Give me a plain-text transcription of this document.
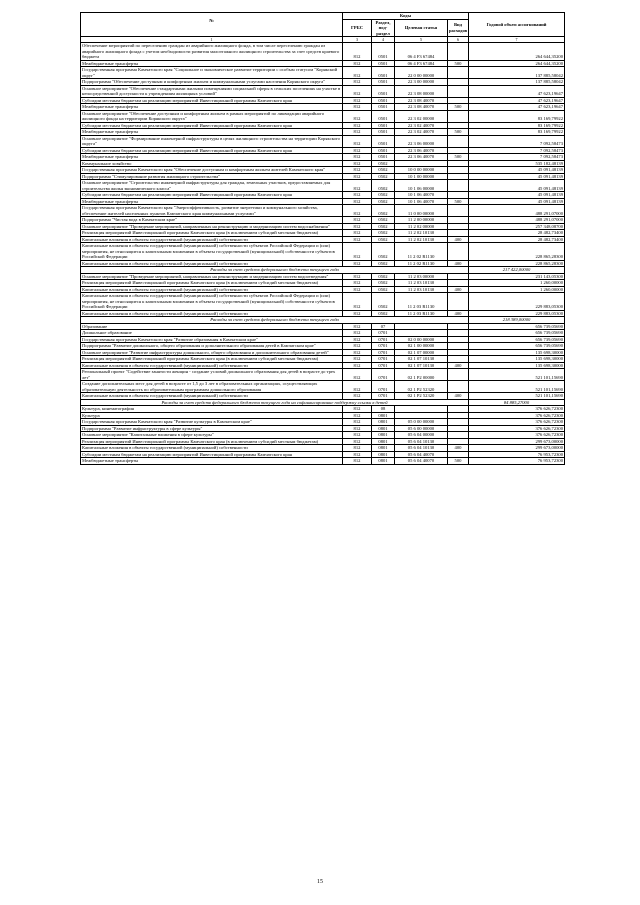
№	Коды				Годовой объем ассигнований
	ГРБС	Раздел, под- раздел	Целевая статья	Вид расходов	
1	3	4	5	6	7
Обеспечение мероприятий по переселению граждан из аварийного жилищного фонда, в том числе переселению граждан из аварийного жилищного фонда с учетом необходимости развития малоэтажного жилищного строительства за счет средств краевого бюджета	812	0501	06 4 F3 67484		264 644,35200
Межбюджетные трансферты	812	0501	06 4 F3 67484	500	264 644,35200
Государственная программа Камчатского края "Социальное и экономическое развитие территории с особым статусом "Корякский округ"	812	0501	22 0 00 00000		137 885,58042
Подпрограмма "Обеспечение доступным и комфортным жильем и коммунальными услугами населения Корякского округа"	812	0501	22 3 00 00000		137 885,58042
Основное мероприятие "Обеспечение стандартными жилыми помещениями социальной сферы в сельских поселениях на участке в непосредственной доступности к учреждениям жилищных условий"	812	0501	22 3 08 00000		47 623,19647
Субсидии местным бюджетам на реализацию мероприятий Инвестиционной программы Камчатского края	812	0501	22 3 08 40070		47 623,19647
Межбюджетные трансферты	812	0501	22 3 08 40070	500	47 623,19647
Основное мероприятие "Обеспечение доступным и комфортным жильем в рамках мероприятий по ликвидации аварийного жилищного фонда на территории Корякского округа"	812	0501	22 3 02 00000		83 169,79922
Субсидии местным бюджетам на реализацию мероприятий Инвестиционной программы Камчатского края	812	0501	22 3 02 40070		83 169,79922
Межбюджетные трансферты	812	0501	22 3 02 40070	500	83 169,79922
Основное мероприятие "Формирование инженерной инфраструктуры в целях жилищного строительства на территории Корякского округа"	812	0501	22 3 06 00000		7 092,58473
Субсидии местным бюджетам на реализацию мероприятий Инвестиционной программы Камчатского края	812	0501	22 3 06 40070		7 092,58473
Межбюджетные трансферты	812	0501	22 3 06 40070	500	7 092,58473
Коммунальное хозяйство	812	0502			535 182,48139
Государственная программа Камчатского края "Обеспечение доступным и комфортным жильем жителей Камчатского края"	812	0502	10 0 00 00000		45 091,48139
Подпрограмма "Стимулирование развития жилищного строительства"	812	0502	10 1 00 00000		45 091,48139
Основное мероприятие "Строительство инженерной инфраструктуры для граждан, земельных участков, предоставляемых для строительства жилья экономического класса"	812	0502	10 1 06 00000		45 091,48139
Субсидии местным бюджетам на реализацию мероприятий Инвестиционной программы Камчатского края	812	0502	10 1 06 40070		45 091,48139
Межбюджетные трансферты	812	0502	10 1 06 40070	500	45 091,48139
Государственная программа Камчатского края "Энергоэффективность, развитие энергетики и коммунального хозяйства, обеспечение жителей населенных пунктов Камчатского края коммунальными услугами"	812	0502	11 0 00 00000		488 291,07000
Подпрограмма "Чистая вода в Камчатском крае"	812	0502	11 2 00 00000		488 291,07000
Основное мероприятие "Проведение мероприятий, направленных на реконструкцию и модернизацию систем водоснабжения"	812	0502	11 2 02 00000		257 348,08700
Реализация мероприятий Инвестиционной программы Камчатского края (в исключением субсидий местным бюджетам)	812	0502	11 2 02 10130		28 482,73400
Капитальные вложения в объекты государственной (муниципальной) собственности	812	0502	11 2 02 10130	400	28 482,73400
Капитальные вложения в объекты государственной (муниципальной) собственности субъектов Российской Федерации и (или) мероприятия, не относящиеся к капитальным вложениям в объекты государственной (муниципальной) собственности субъектов Российской Федерации	812	0502	11 2 02 R1130		228 865,28300
Капитальные вложения в объекты государственной (муниципальной) собственности	812	0502	11 2 02 R1130	400	228 865,28300
Расходы за счет средств федерального бюджета текущего года					217 422,00000
Основное мероприятие "Проведение мероприятий, направленных на реконструкцию и модернизацию систем водоотведения"	812	0502	11 2 03 00000		231 143,05300
Реализация мероприятий Инвестиционной программы Камчатского края (в исключением субсидий местным бюджетам)	812	0502	11 2 03 10130		1 260,00000
Капитальные вложения в объекты государственной (муниципальной) собственности	812	0502	11 2 03 10130	400	1 260,00000
Капитальные вложения в объекты государственной (муниципальной) собственности субъектов Российской Федерации и (или) мероприятия, не относящиеся к капитальным вложениям в объекты государственной (муниципальной) собственности субъектов Российской Федерации	812	0502	11 2 03 R1130		229 883,05300
Капитальные вложения в объекты государственной (муниципальной) собственности	812	0502	11 2 03 R1130	400	229 883,05300
Расходы за счет средств федерального бюджета текущего года					218 389,00000
Образование	812	07			656 739,05690
Дошкольное образование	812	0701			656 739,05690
Государственная программа Камчатского края "Развитие образования в Камчатском крае"	812	0701	02 0 00 00000		656 739,05690
Подпрограмма "Развитие дошкольного, общего образования и дополнительного образования детей в Камчатском крае"	812	0701	02 1 00 00000		656 739,05690
Основное мероприятие "Развитие инфраструктуры дошкольного, общего образования и дополнительного образования детей"	812	0701	02 1 07 00000		135 698,30000
Реализация мероприятий Инвестиционной программы Камчатского края (в исключением субсидий местным бюджетам)	812	0701	02 1 07 10130		135 698,30000
Капитальные вложения в объекты государственной (муниципальной) собственности	812	0701	02 1 07 10130	400	135 698,30000
Региональный проект "Содействие занятости женщин - создание условий дошкольного образования для детей в возрасте до трех лет"	812	0701	02 1 P2 00000		521 101,15690
Создание дополнительных мест для детей в возрасте от 1,5 до 3 лет в образовательных организациях, осуществляющих образовательную деятельность по образовательным программам дошкольного образования	812	0701	02 1 P2 52320		521 101,15690
Капитальные вложения в объекты государственной (муниципальной) собственности	812	0701	02 1 P2 52320	400	521 101,15690
Расходы за счет средств федерального бюджета текущего года на софинансирование поддержку ссылки в детей					84 885,27000
Культура, кинематография	812	08			376 626,72300
Культура	812	0801			376 626,72300
Государственная программа Камчатского края "Развитие культуры в Камчатском крае"	812	0801	05 0 00 00000		376 626,72300
Подпрограмма "Развитие инфраструктуры в сфере культуры"	812	0801	05 6 00 00000		376 626,72300
Основное мероприятие "Капитальные вложения в сфере культуры"	812	0801	05 6 04 00000		376 626,72300
Реализация мероприятий Инвестиционной программы Камчатского края (в исключением субсидий местным бюджетам)	812	0801	05 6 04 10130		299 673,00000
Капитальные вложения в объекты государственной (муниципальной) собственности	812	0801	05 6 04 10130	400	299 673,00000
Субсидии местным бюджетам на реализацию мероприятий Инвестиционной программы Камчатского края	812	0801	05 6 04 40070		76 953,72300
Межбюджетные трансферты	812	0801	05 6 04 40070	500	76 953,72300
15
